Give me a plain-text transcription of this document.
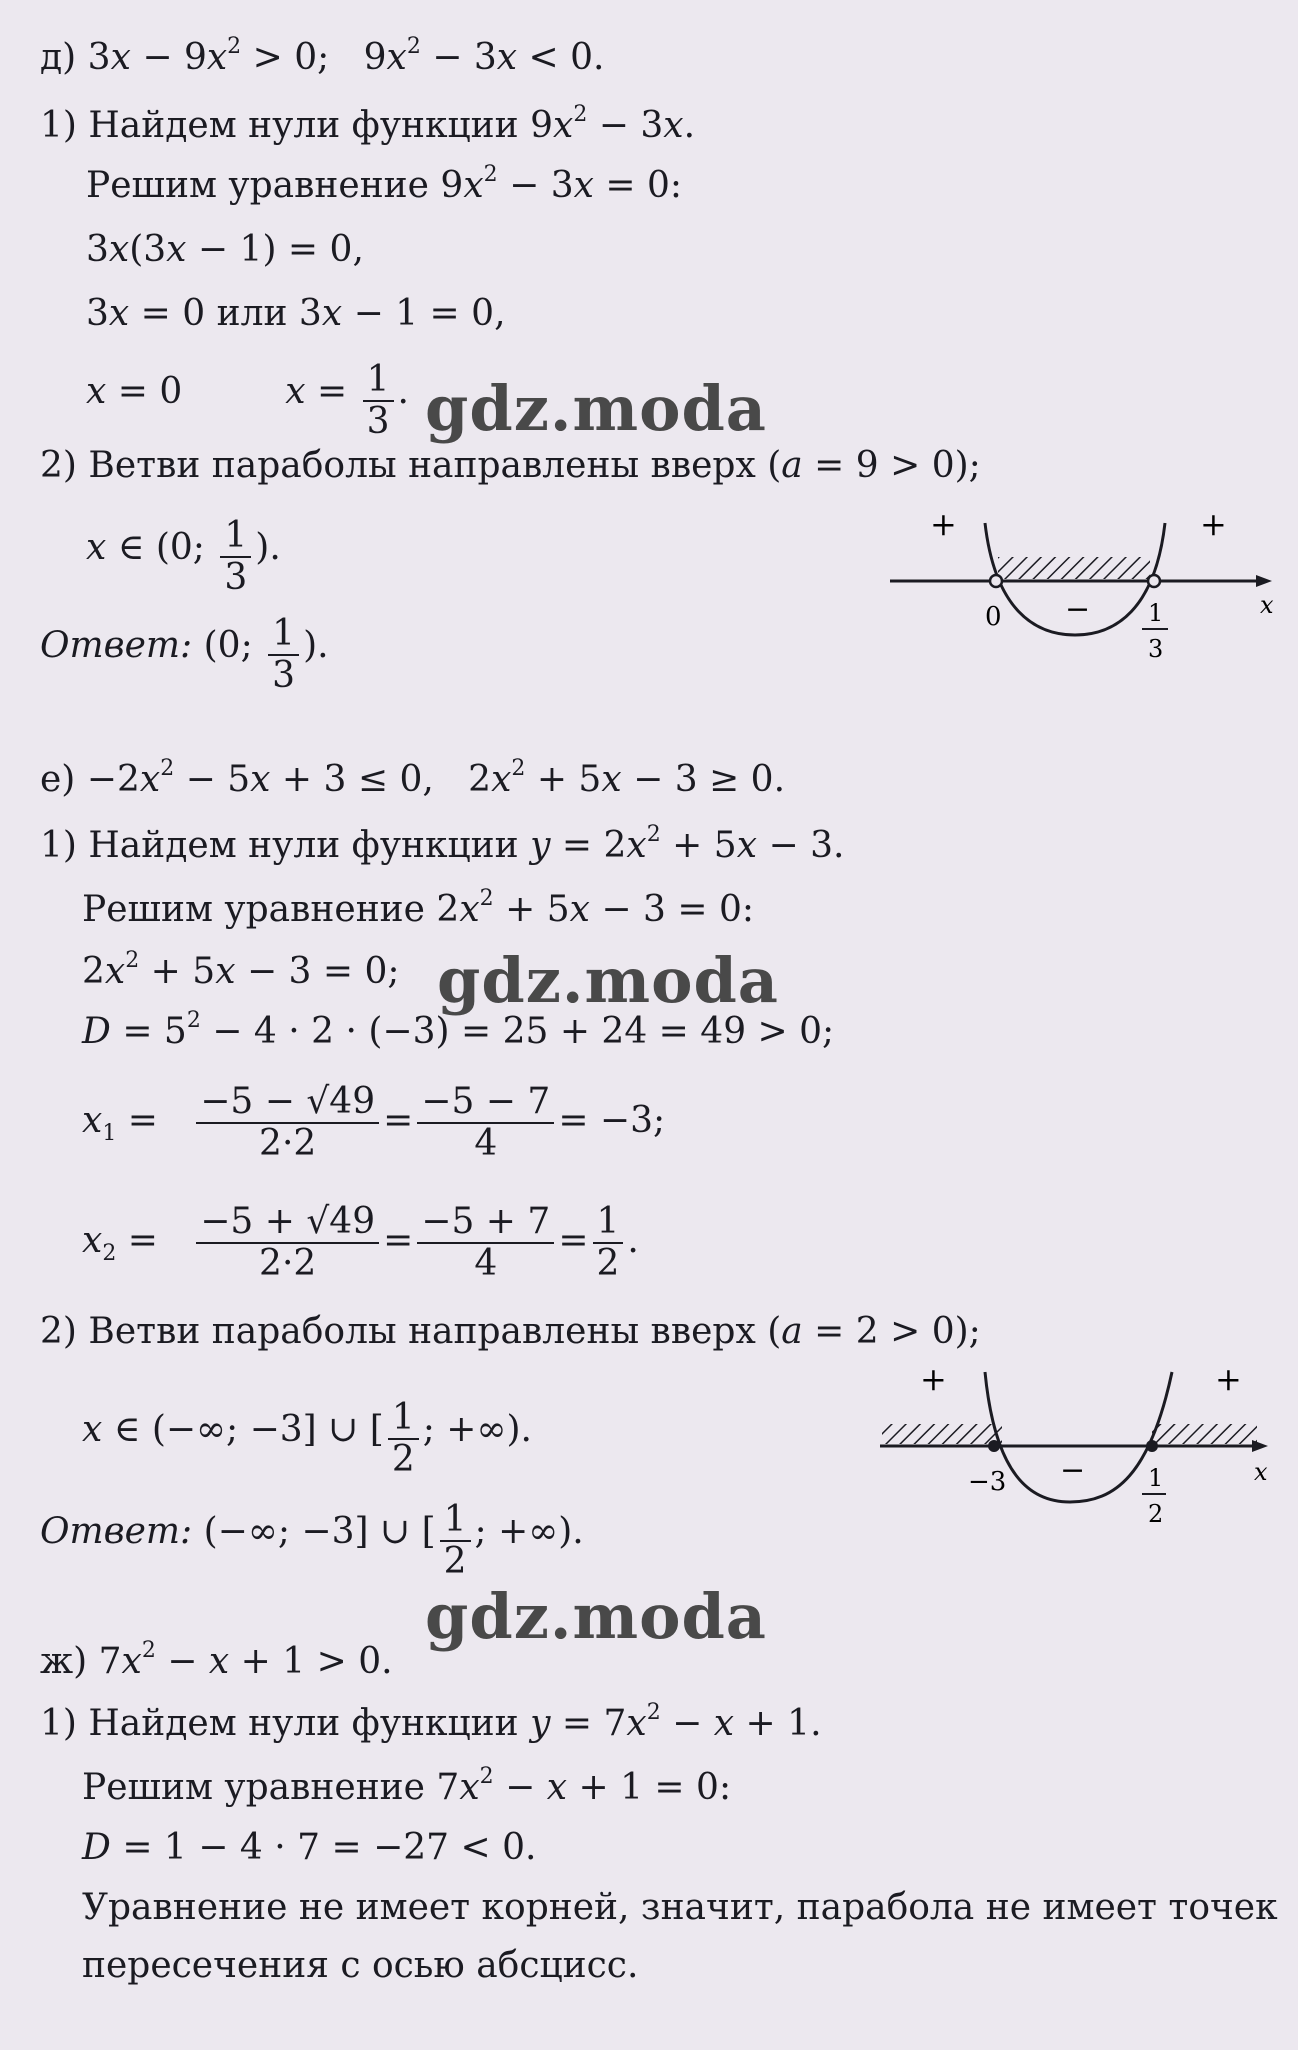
д) $3x - 9x^2 > 0$;   $9x^2 - 3x < 0$.
1) Найдем нули функции $9x^2 - 3x$.
Решим уравнение $9x^2 - 3x = 0$:
3x(3x − 1) = 0,
3x = 0 или 3x − 1 = 0,
x = 0         $x = \frac{1}{3}$ .
2) Ветви параболы направлены вверх (a = 9 > 0);
x ∈ (0; $\frac{1}{3}$ ).
Ответ: (0; $\frac{1}{3}$ ).
+	+
−
0	1
3
x
gdz.moda
$е) -2x^2 - 5x + 3 \le 0$,   $2x^2 + 5x - 3 \ge 0$.
1) Найдем нули функции $y = 2x^2 + 5x - 3$.
Решим уравнение $2x^2 + 5x - 3 = 0$:
$2x^2 + 5x - 3 = 0$;
$D = 5^2 - 4 \cdot 2 \cdot (-3) = 25 + 24 = 49 > 0$;
$x_1 = \frac{-5 - √49}{2\cdot 2} = \frac{-5 - 7}{4} = -3$;
$x_2 = \frac{-5 + √49}{2\cdot 2} = \frac{-5 + 7}{4} = \frac{1}{2}$ .
2) Ветви параболы направлены вверх (a = 2 > 0);
x ∈ (−∞; −3] ∪ [ $\frac{1}{2}$ ; +∞).
Ответ: (−∞; −3] ∪ [ $\frac{1}{2}$ ; +∞).
+	+
−
−3	1
2
x
gdz.moda
gdz.moda
ж) $7x^2 - x + 1 > 0$.
1) Найдем нули функции $y = 7x^2 - x + 1$.
Решим уравнение $7x^2 - x + 1 = 0$:
D = 1 − 4 · 7 = −27 < 0.
Уравнение не имеет корней, значит, парабола не имеет точек
пересечения с осью абсцисс.
